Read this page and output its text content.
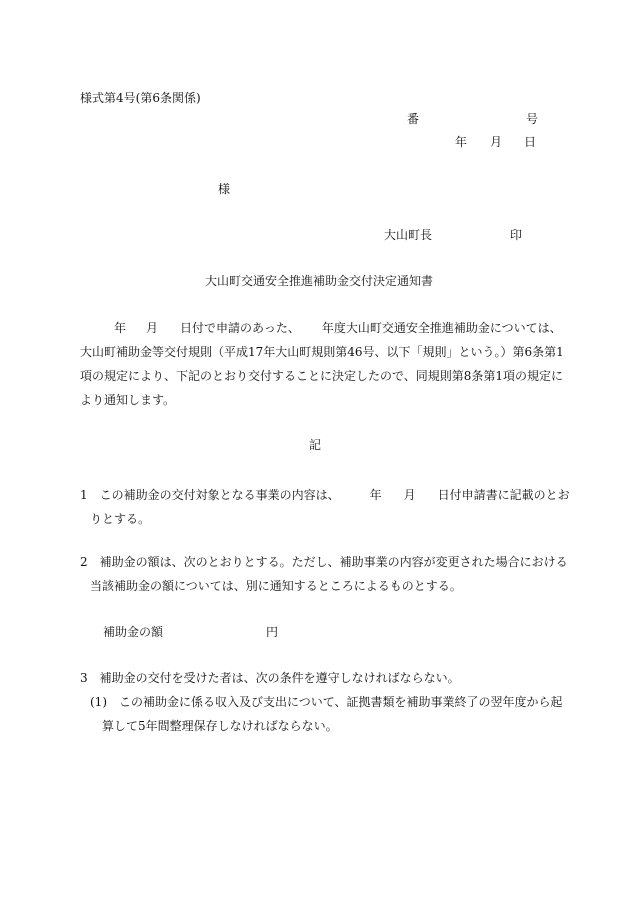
様式第4号(第6条関係)
番	号
年 月 日
様
大山町長	印
大山町交通安全推進補助金交付決定通知書

年 月 日付で申請のあった、 年度大山町交通安全推進補助金については、

大山町補助金等交付規則（平成17年大山町規則第46号、以下「規則」という。）第6条第1

項の規定により、下記のとおり交付することに決定したので、同規則第8条第1項の規定に

より通知します。

記

1　この補助金の交付対象となる事業の内容は、	年 月 日付申請書に記載のとお

りとする。

2　補助金の額は、次のとおりとする。ただし、補助事業の内容が変更された場合における

当該補助金の額については、別に通知するところによるものとする。

補助金の額	円

3　補助金の交付を受けた者は、次の条件を遵守しなければならない。

(1)　この補助金に係る収入及び支出について、証拠書類を補助事業終了の翌年度から起

算して5年間整理保存しなければならない。
